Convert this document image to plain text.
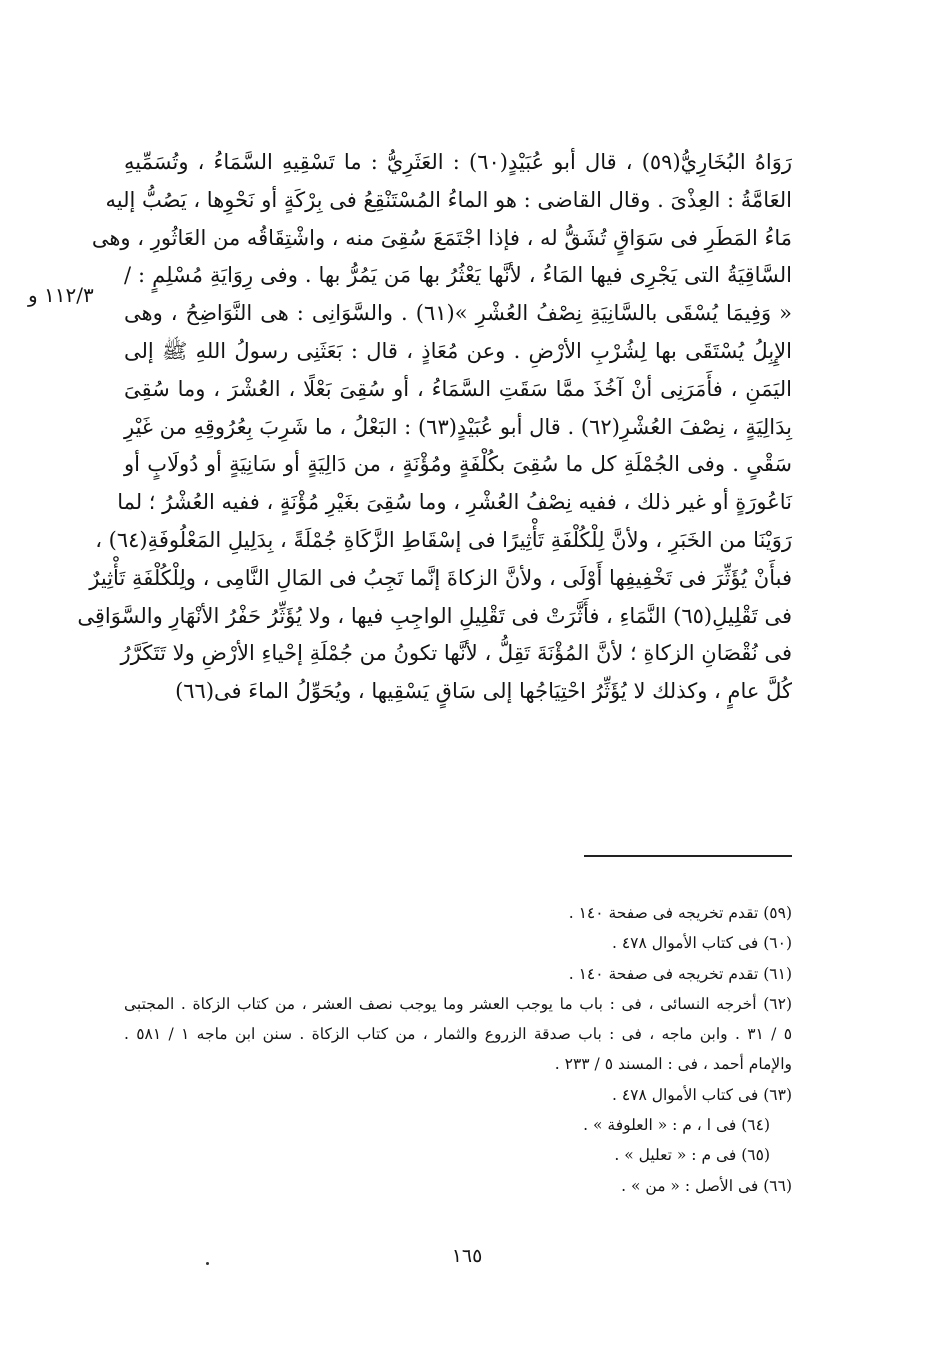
١١٢/٣ و
رَوَاهُ البُخَارِيُّ(٥٩) ، قال أبو عُبَيْدٍ(٦٠) : العَثَرِيُّ : ما تَسْقِيهِ السَّمَاءُ ، وتُسَمِّيهِ
العَامَّةُ : العِذْىَ . وقال القاضى : هو الماءُ المُسْتَنْقِعُ فى بِرْكَةٍ أو نَحْوِها ، يَصُبُّ إليه
مَاءُ المَطَرِ فى سَوَاقٍ تُشَقُّ له ، فإذا اجْتَمَعَ سُقِىَ منه ، واشْتِقَاقُه من العَاثُورِ ، وهى
السَّاقِيَةُ التى يَجْرِى فيها المَاءُ ، لأنَّها يَعْثُرُ بها مَن يَمُرُّ بها . وفى رِوَايَةِ مُسْلِمٍ : /
« وَفِيمَا يُسْقَى بالسَّانِيَةِ نِصْفُ العُشْرِ »(٦١) . والسَّوَانِى : هى النَّوَاضِحُ ، وهى
الإِبِلُ يُسْتَقَى بها لِشُرْبِ الأرْضِ . وعن مُعَاذٍ ، قال : بَعَثَنِى رسولُ اللهِ ﷺ إلى
اليَمَنِ ، فأَمَرَنِى أنْ آخُذَ ممَّا سَقَتِ السَّمَاءُ ، أو سُقِىَ بَعْلًا ، العُشْرَ ، وما سُقِىَ
بِدَالِيَةٍ ، نِصْفَ العُشْرِ(٦٢) . قال أبو عُبَيْدٍ(٦٣) : البَعْلُ ، ما شَرِبَ بِعُرُوقِهِ من غَيْرِ
سَقْىٍ . وفى الجُمْلَةِ كل ما سُقِىَ بكُلْفَةٍ ومُؤْنَةٍ ، من دَالِيَةٍ أو سَانِيَةٍ أو دُولَابٍ أو
نَاعُورَةٍ أو غير ذلك ، ففيه نِصْفُ العُشْرِ ، وما سُقِىَ بغَيْرِ مُؤْنَةٍ ، ففيه العُشْرُ ؛ لما
رَوَيْنَا من الخَبَرِ ، ولأنَّ لِلْكُلْفَةِ تَأْثِيرًا فى إسْقَاطِ الزَّكَاةِ جُمْلَةً ، بِدَلِيلِ المَعْلُوفَةِ(٦٤) ،
فبأَنْ يُؤَثِّرَ فى تَخْفِيفِها أَوْلَى ، ولأنَّ الزكاةَ إنَّما تَجِبُ فى المَالِ النَّامِى ، ولِلْكُلْفَةِ تَأْثِيرٌ
فى تَقْلِيلِ(٦٥) النَّمَاءِ ، فأَثَّرَتْ فى تَقْلِيلِ الواجِبِ فيها ، ولا يُؤَثِّرُ حَفْرُ الأنْهَارِ والسَّوَاقِى
فى نُقْصَانِ الزكاةِ ؛ لأنَّ المُؤْنَةَ تَقِلُّ ، لأنَّها تكونُ من جُمْلَةِ إحْياءِ الأرْضِ ولا تَتَكَرَّرُ
كُلَّ عامٍ ، وكذلك لا يُؤَثِّرُ احْتِيَاجُها إلى سَاقٍ يَسْقِيها ، ويُحَوِّلُ الماءَ فى(٦٦)
(٥٩) تقدم تخريجه فى صفحة ١٤٠ .
(٦٠) فى كتاب الأموال ٤٧٨ .
(٦١) تقدم تخريجه فى صفحة ١٤٠ .
(٦٢) أخرجه النسائى ، فى : باب ما يوجب العشر وما يوجب نصف العشر ، من كتاب الزكاة . المجتبى
٥ / ٣١ . وابن ماجه ، فى : باب صدقة الزروع والثمار ، من كتاب الزكاة . سنن ابن ماجه ١ / ٥٨١ .
والإمام أحمد ، فى : المسند ٥ / ٢٣٣ .
(٦٣) فى كتاب الأموال ٤٧٨ .
(٦٤) فى ا ، م : « العلوفة » .
(٦٥) فى م : « تعليل » .
(٦٦) فى الأصل : « من » .
١٦٥
